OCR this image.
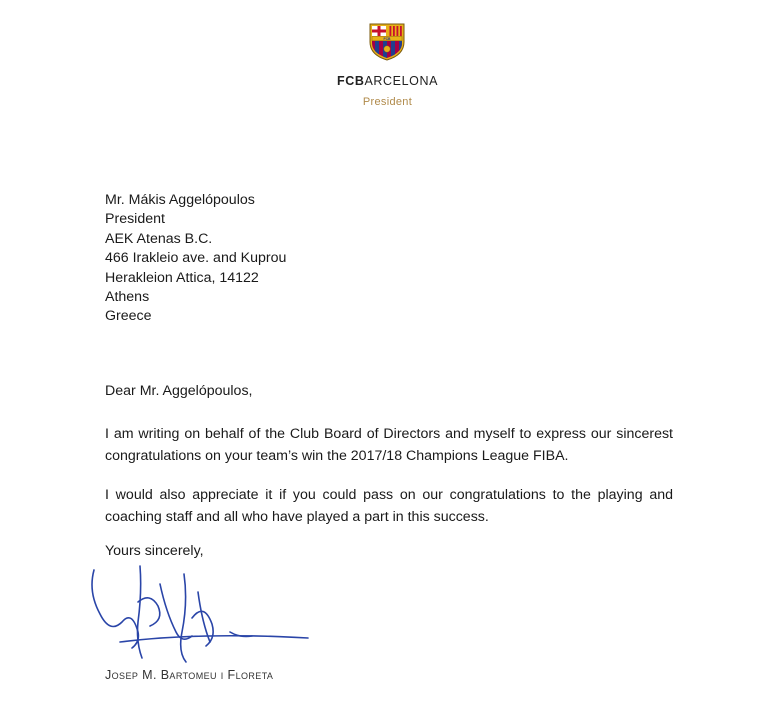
FCB
FCBARCELONA
President
Mr. Mákis Aggelópoulos
President
AEK Atenas B.C.
466 Irakleio ave. and Kuprou
Herakleion Attica, 14122
Athens
Greece
Dear Mr. Aggelópoulos,
I am writing on behalf of the Club Board of Directors and myself to express our sincerest congratulations on your team’s win the 2017/18 Champions League FIBA.
I would also appreciate it if you could pass on our congratulations to the playing and coaching staff and all who have played a part in this success.
Yours sincerely,
Josep M. Bartomeu i Floreta
